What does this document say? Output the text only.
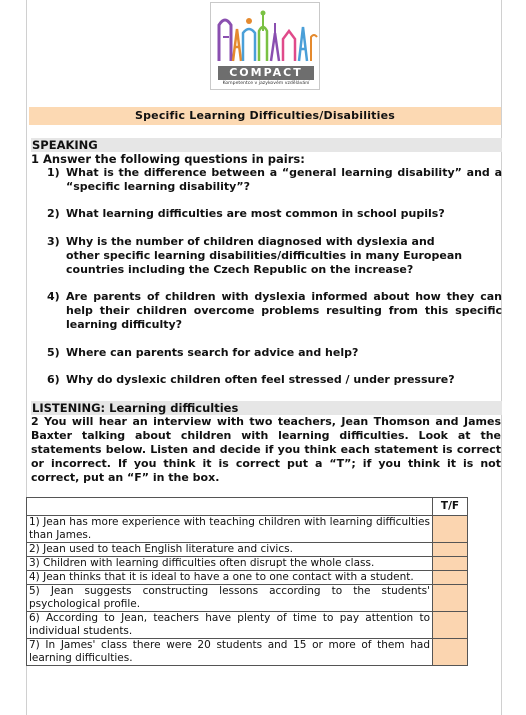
COMPACT
Kompetentce v jazykovém vzdělávání
Specific Learning Difficulties/Disabilities
SPEAKING
1 Answer the following questions in pairs:
1) What is the difference between a “general learning disability” and a “specific learning disability”?
2) What learning difficulties are most common in school pupils?
3) Why is the number of children diagnosed with dyslexia and other specific learning disabilities/difficulties in many European countries including the Czech Republic on the increase?
4) Are parents of children with dyslexia informed about how they can help their children overcome problems resulting from this specific learning difficulty?
5) Where can parents search for advice and help?
6) Why do dyslexic children often feel stressed / under pressure?
LISTENING: Learning difficulties
2 You will hear an interview with two teachers, Jean Thomson and James Baxter talking about children with learning difficulties. Look at the statements below. Listen and decide if you think each statement is correct or incorrect. If you think it is correct put a “T”; if you think it is not correct, put an “F” in the box.
	T/F
1) Jean has more experience with teaching children with learning difficulties than James.	
2) Jean used to teach English literature and civics.	
3) Children with learning difficulties often disrupt the whole class.	
4) Jean thinks that it is ideal to have a one to one contact with a student.	
5) Jean suggests constructing lessons according to the students' psychological profile.	
6) According to Jean, teachers have plenty of time to pay attention to individual students.	
7) In James' class there were 20 students and 15 or more of them had learning difficulties.	
